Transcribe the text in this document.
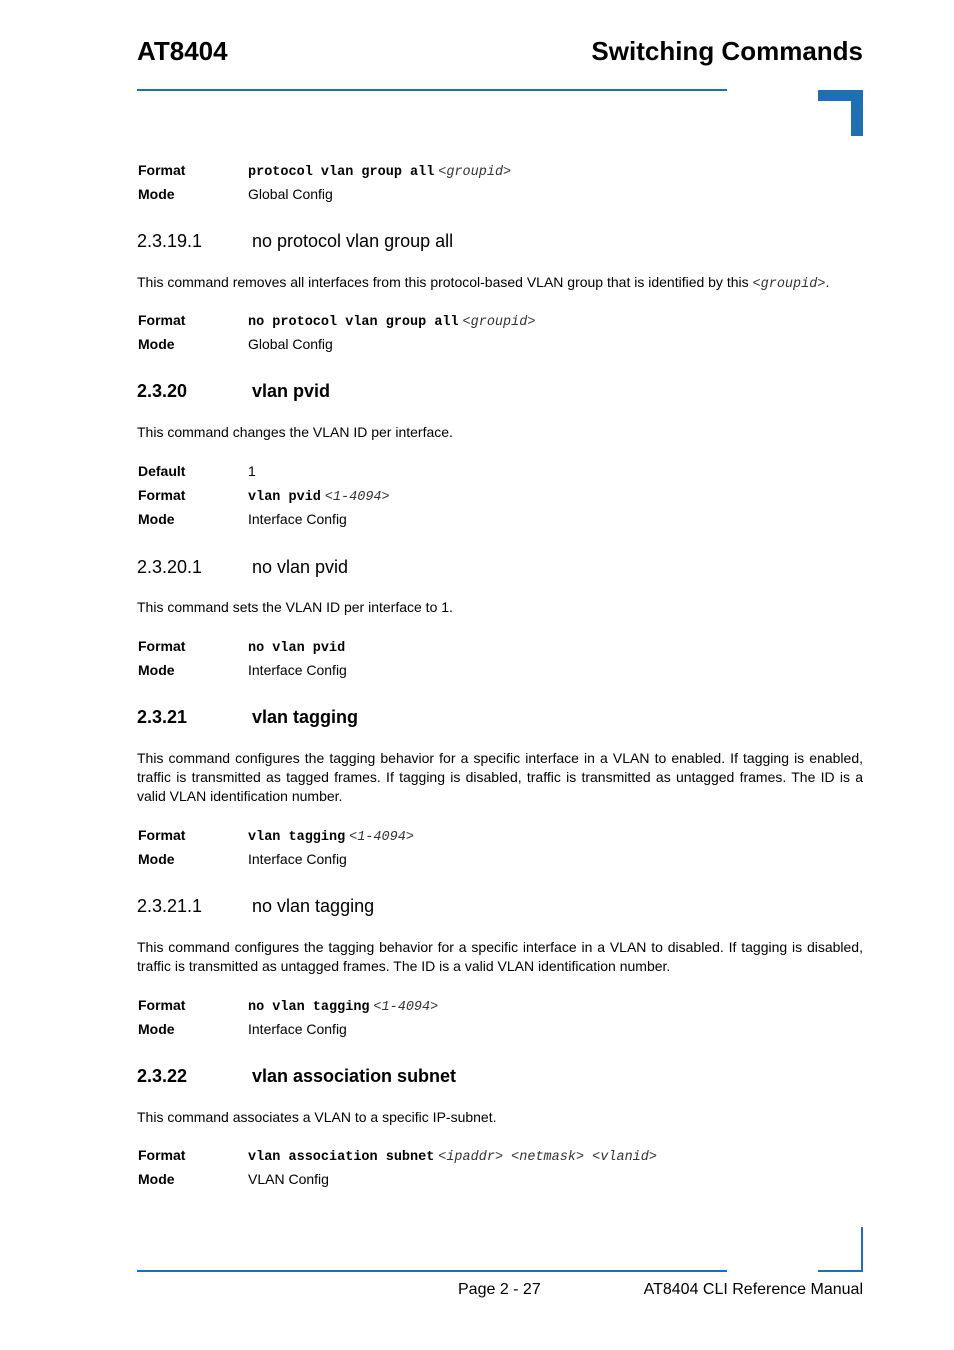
AT8404	Switching Commands
Format	protocol vlan group all <groupid>
Mode	Global Config
2.3.19.1	no protocol vlan group all
This command removes all interfaces from this protocol-based VLAN group that is identified by this <groupid>.
Format	no protocol vlan group all <groupid>
Mode	Global Config
2.3.20	vlan pvid
This command changes the VLAN ID per interface.
Default	1
Format	vlan pvid <1-4094>
Mode	Interface Config
2.3.20.1	no vlan pvid
This command sets the VLAN ID per interface to 1.
Format	no vlan pvid
Mode	Interface Config
2.3.21	vlan tagging
This command configures the tagging behavior for a specific interface in a VLAN to enabled. If tagging is enabled, traffic is transmitted as tagged frames. If tagging is disabled, traffic is transmitted as untagged frames. The ID is a valid VLAN identification number.
Format	vlan tagging <1-4094>
Mode	Interface Config
2.3.21.1	no vlan tagging
This command configures the tagging behavior for a specific interface in a VLAN to disabled. If tagging is disabled, traffic is transmitted as untagged frames. The ID is a valid VLAN identification number.
Format	no vlan tagging <1-4094>
Mode	Interface Config
2.3.22	vlan association subnet
This command associates a VLAN to a specific IP-subnet.
Format	vlan association subnet <ipaddr> <netmask> <vlanid>
Mode	VLAN Config
Page 2 - 27	AT8404 CLI Reference Manual
